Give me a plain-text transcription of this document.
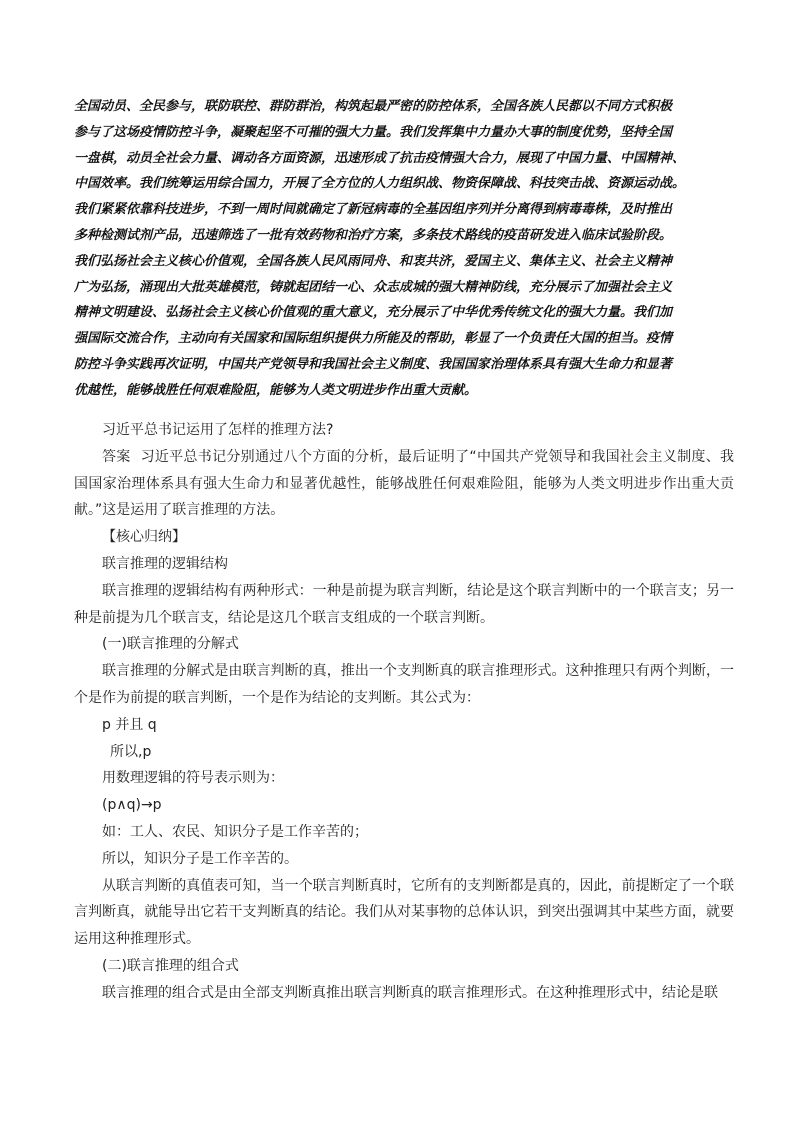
全国动员、全民参与，联防联控、群防群治，构筑起最严密的防控体系，全国各族人民都以不同方式积极
参与了这场疫情防控斗争，凝聚起坚不可摧的强大力量。我们发挥集中力量办大事的制度优势，坚持全国
一盘棋，动员全社会力量、调动各方面资源，迅速形成了抗击疫情强大合力，展现了中国力量、中国精神、
中国效率。我们统筹运用综合国力，开展了全方位的人力组织战、物资保障战、科技突击战、资源运动战。
我们紧紧依靠科技进步，不到一周时间就确定了新冠病毒的全基因组序列并分离得到病毒毒株，及时推出
多种检测试剂产品，迅速筛选了一批有效药物和治疗方案，多条技术路线的疫苗研发进入临床试验阶段。
我们弘扬社会主义核心价值观，全国各族人民风雨同舟、和衷共济，爱国主义、集体主义、社会主义精神
广为弘扬，涌现出大批英雄模范，铸就起团结一心、众志成城的强大精神防线，充分展示了加强社会主义
精神文明建设、弘扬社会主义核心价值观的重大意义，充分展示了中华优秀传统文化的强大力量。我们加
强国际交流合作，主动向有关国家和国际组织提供力所能及的帮助，彰显了一个负责任大国的担当。疫情
防控斗争实践再次证明，中国共产党领导和我国社会主义制度、我国国家治理体系具有强大生命力和显著
优越性，能够战胜任何艰难险阻，能够为人类文明进步作出重大贡献。

习近平总书记运用了怎样的推理方法?

答案 习近平总书记分别通过八个方面的分析，最后证明了“中国共产党领导和我国社会主义制度、我国国家治理体系具有强大生命力和显著优越性，能够战胜任何艰难险阻，能够为人类文明进步作出重大贡献。”这是运用了联言推理的方法。

【核心归纳】

联言推理的逻辑结构

联言推理的逻辑结构有两种形式：一种是前提为联言判断，结论是这个联言判断中的一个联言支；另一种是前提为几个联言支，结论是这几个联言支组成的一个联言判断。

(一)联言推理的分解式

联言推理的分解式是由联言判断的真，推出一个支判断真的联言推理形式。这种推理只有两个判断，一个是作为前提的联言判断，一个是作为结论的支判断。其公式为：

p 并且 q

所以,p

用数理逻辑的符号表示则为：

(p∧q)→p

如：工人、农民、知识分子是工作辛苦的；

所以，知识分子是工作辛苦的。

从联言判断的真值表可知，当一个联言判断真时，它所有的支判断都是真的，因此，前提断定了一个联言判断真，就能导出它若干支判断真的结论。我们从对某事物的总体认识，到突出强调其中某些方面，就要运用这种推理形式。

(二)联言推理的组合式

联言推理的组合式是由全部支判断真推出联言判断真的联言推理形式。在这种推理形式中，结论是联
